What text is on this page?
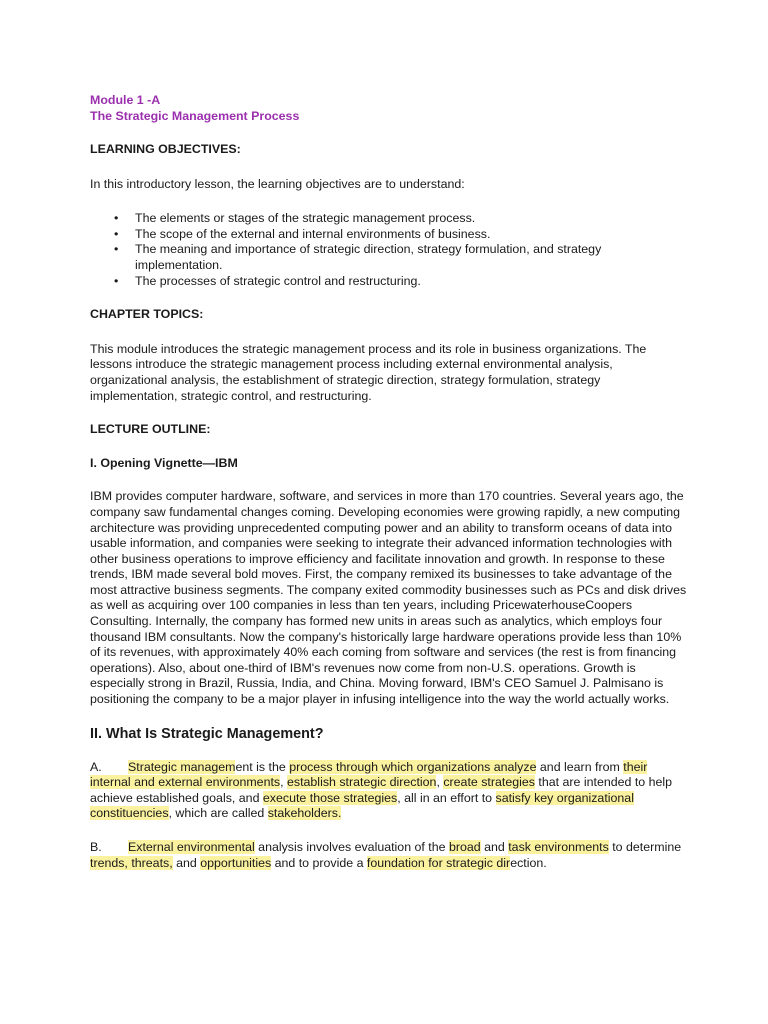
Module 1 -A
The Strategic Management Process
LEARNING OBJECTIVES:

In this introductory lesson, the learning objectives are to understand:

• The elements or stages of the strategic management process.
• The scope of the external and internal environments of business.
• The meaning and importance of strategic direction, strategy formulation, and strategy implementation.
• The processes of strategic control and restructuring.
CHAPTER TOPICS:

This module introduces the strategic management process and its role in business organizations. The lessons introduce the strategic management process including external environmental analysis, organizational analysis, the establishment of strategic direction, strategy formulation, strategy implementation, strategic control, and restructuring.

LECTURE OUTLINE:
I. Opening Vignette—IBM

IBM provides computer hardware, software, and services in more than 170 countries. Several years ago, the company saw fundamental changes coming. Developing economies were growing rapidly, a new computing architecture was providing unprecedented computing power and an ability to transform oceans of data into usable information, and companies were seeking to integrate their advanced information technologies with other business operations to improve efficiency and facilitate innovation and growth. In response to these trends, IBM made several bold moves. First, the company remixed its businesses to take advantage of the most attractive business segments. The company exited commodity businesses such as PCs and disk drives as well as acquiring over 100 companies in less than ten years, including PricewaterhouseCoopers Consulting. Internally, the company has formed new units in areas such as analytics, which employs four thousand IBM consultants. Now the company's historically large hardware operations provide less than 10% of its revenues, with approximately 40% each coming from software and services (the rest is from financing operations). Also, about one-third of IBM's revenues now come from non-U.S. operations. Growth is especially strong in Brazil, Russia, India, and China. Moving forward, IBM's CEO Samuel J. Palmisano is positioning the company to be a major player in infusing intelligence into the way the world actually works.

II. What Is Strategic Management?

A. Strategic management is the process through which organizations analyze and learn from their internal and external environments, establish strategic direction, create strategies that are intended to help achieve established goals, and execute those strategies, all in an effort to satisfy key organizational constituencies, which are called stakeholders.

B. External environmental analysis involves evaluation of the broad and task environments to determine trends, threats, and opportunities and to provide a foundation for strategic direction.
